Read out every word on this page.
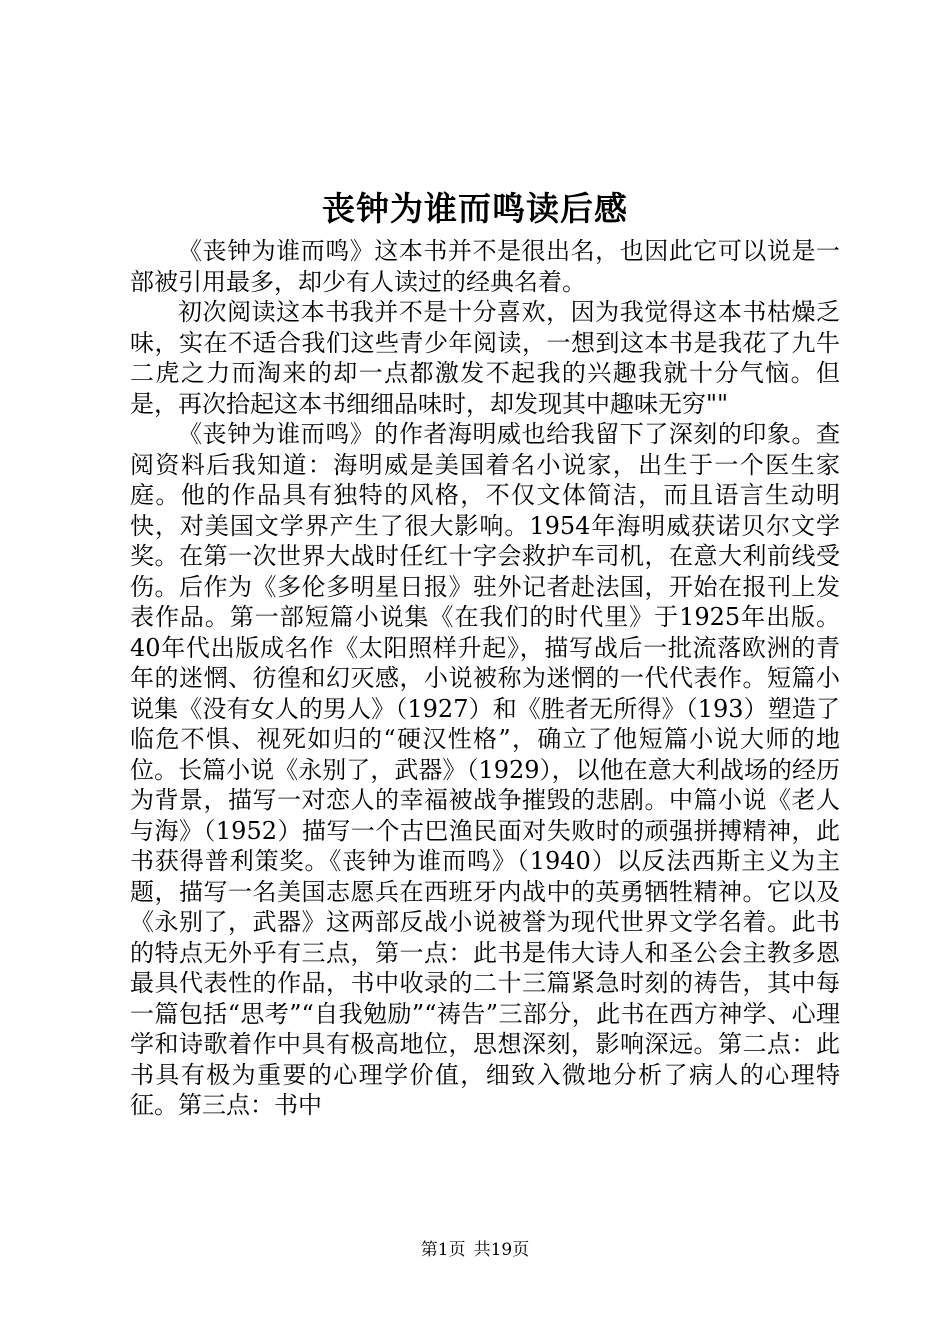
丧钟为谁而鸣读后感

《丧钟为谁而鸣》这本书并不是很出名，也因此它可以说是一部被引用最多，却少有人读过的经典名着。

初次阅读这本书我并不是十分喜欢，因为我觉得这本书枯燥乏味，实在不适合我们这些青少年阅读，一想到这本书是我花了九牛二虎之力而淘来的却一点都激发不起我的兴趣我就十分气恼。但是，再次拾起这本书细细品味时，却发现其中趣味无穷""

《丧钟为谁而鸣》的作者海明威也给我留下了深刻的印象。查阅资料后我知道：海明威是美国着名小说家，出生于一个医生家庭。他的作品具有独特的风格，不仅文体简洁，而且语言生动明快，对美国文学界产生了很大影响。1954年海明威获诺贝尔文学奖。在第一次世界大战时任红十字会救护车司机，在意大利前线受伤。后作为《多伦多明星日报》驻外记者赴法国，开始在报刊上发表作品。第一部短篇小说集《在我们的时代里》于1925年出版。40年代出版成名作《太阳照样升起》，描写战后一批流落欧洲的青年的迷惘、彷徨和幻灭感，小说被称为迷惘的一代代表作。短篇小说集《没有女人的男人》（1927）和《胜者无所得》（193）塑造了临危不惧、视死如归的“硬汉性格”，确立了他短篇小说大师的地位。长篇小说《永别了，武器》（1929），以他在意大利战场的经历为背景，描写一对恋人的幸福被战争摧毁的悲剧。中篇小说《老人与海》（1952）描写一个古巴渔民面对失败时的顽强拼搏精神，此书获得普利策奖。《丧钟为谁而鸣》（1940）以反法西斯主义为主题，描写一名美国志愿兵在西班牙内战中的英勇牺牲精神。它以及《永别了，武器》这两部反战小说被誉为现代世界文学名着。此书的特点无外乎有三点，第一点：此书是伟大诗人和圣公会主教多恩最具代表性的作品，书中收录的二十三篇紧急时刻的祷告，其中每一篇包括“思考”“自我勉励”“祷告”三部分，此书在西方神学、心理学和诗歌着作中具有极高地位，思想深刻，影响深远。第二点：此书具有极为重要的心理学价值，细致入微地分析了病人的心理特征。第三点：书中

第1页 共19页
